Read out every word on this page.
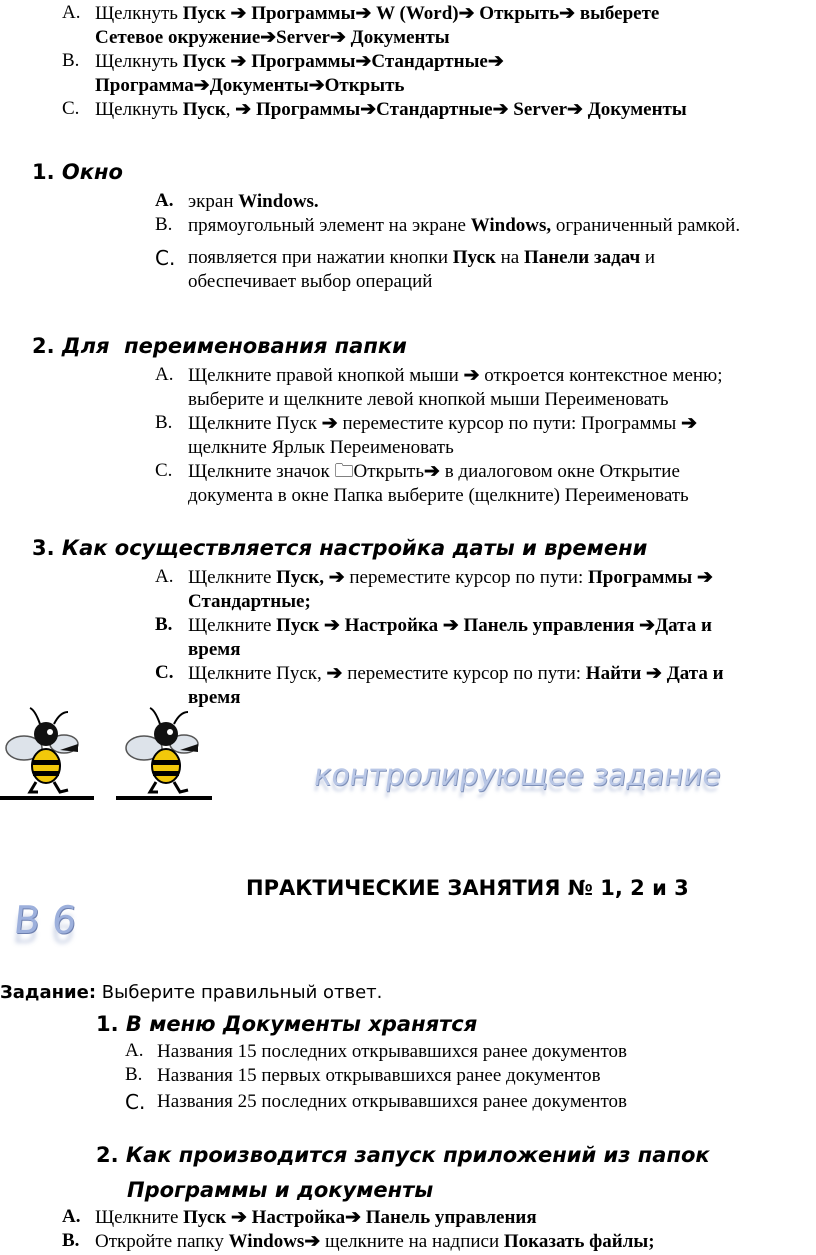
A. Щелкнуть Пуск ➔ Программы➔ W (Word)➔ Открыть➔ выберете
Сетевое окружение➔Server➔ Документы
B. Щелкнуть Пуск ➔ Программы➔Стандартные➔
Программа➔Документы➔Открыть
C. Щелкнуть Пуск, ➔ Программы➔Стандартные➔ Server➔ Документы
1. Окно
A. экран Windows.
B. прямоугольный элемент на экране Windows, ограниченный рамкой.
C. появляется при нажатии кнопки Пуск на Панели задач и
обеспечивает выбор операций
2. Для  переименования папки
A. Щелкните правой кнопкой мыши ➔ откроется контекстное меню;
выберите и щелкните левой кнопкой мыши Переименовать
B. Щелкните Пуск ➔ переместите курсор по пути: Программы ➔
щелкните Ярлык Переименовать
C. Щелкните значок 🗀Открыть➔ в диалоговом окне Открытие
документа в окне Папка выберите (щелкните) Переименовать
3. Как осуществляется настройка даты и времени
A. Щелкните Пуск, ➔ переместите курсор по пути: Программы ➔
Стандартные;
B. Щелкните Пуск ➔ Настройка ➔ Панель управления ➔Дата и
время
C. Щелкните Пуск, ➔ переместите курсор по пути: Найти ➔ Дата и
время
контролирующее задание
ПРАКТИЧЕСКИЕ ЗАНЯТИЯ № 1, 2 и 3
В 6
Задание: Выберите правильный ответ.
1. В меню Документы хранятся
A. Названия 15 последних открывавшихся ранее документов
B. Названия 15 первых открывавшихся ранее документов
C. Названия 25 последних открывавшихся ранее документов
2. Как производится запуск приложений из папок
Программы и документы
A. Щелкните Пуск ➔ Настройка➔ Панель управления
B. Откройте папку Windows➔ щелкните на надписи Показать файлы;
